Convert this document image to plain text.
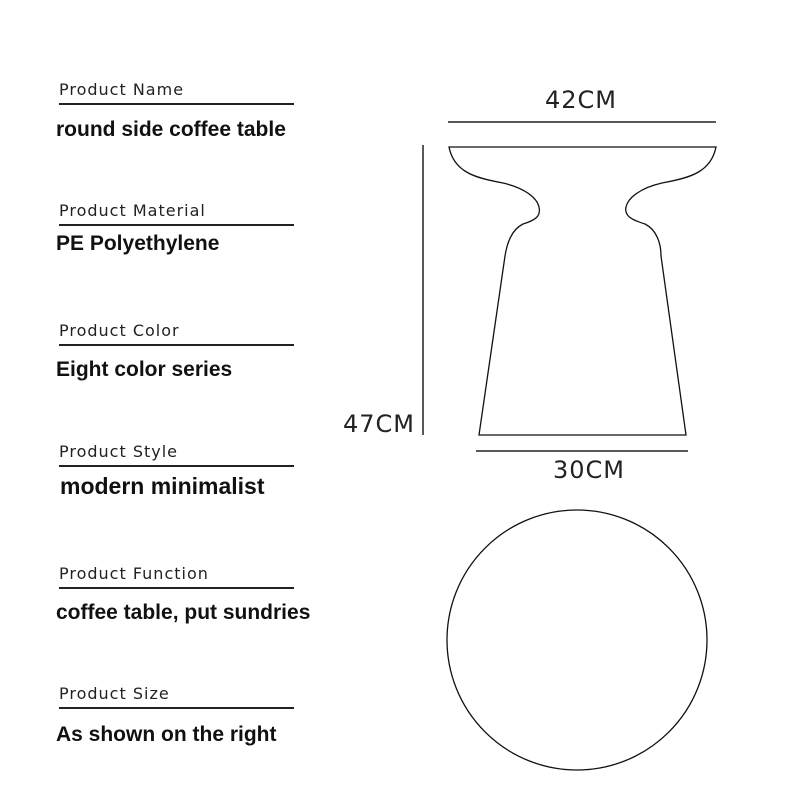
Product Name
round side coffee table
Product Material
PE Polyethylene
Product Color
Eight color series
Product Style
modern minimalist
Product Function
coffee table, put sundries
Product Size
As shown on the right
42CM
47CM
30CM
